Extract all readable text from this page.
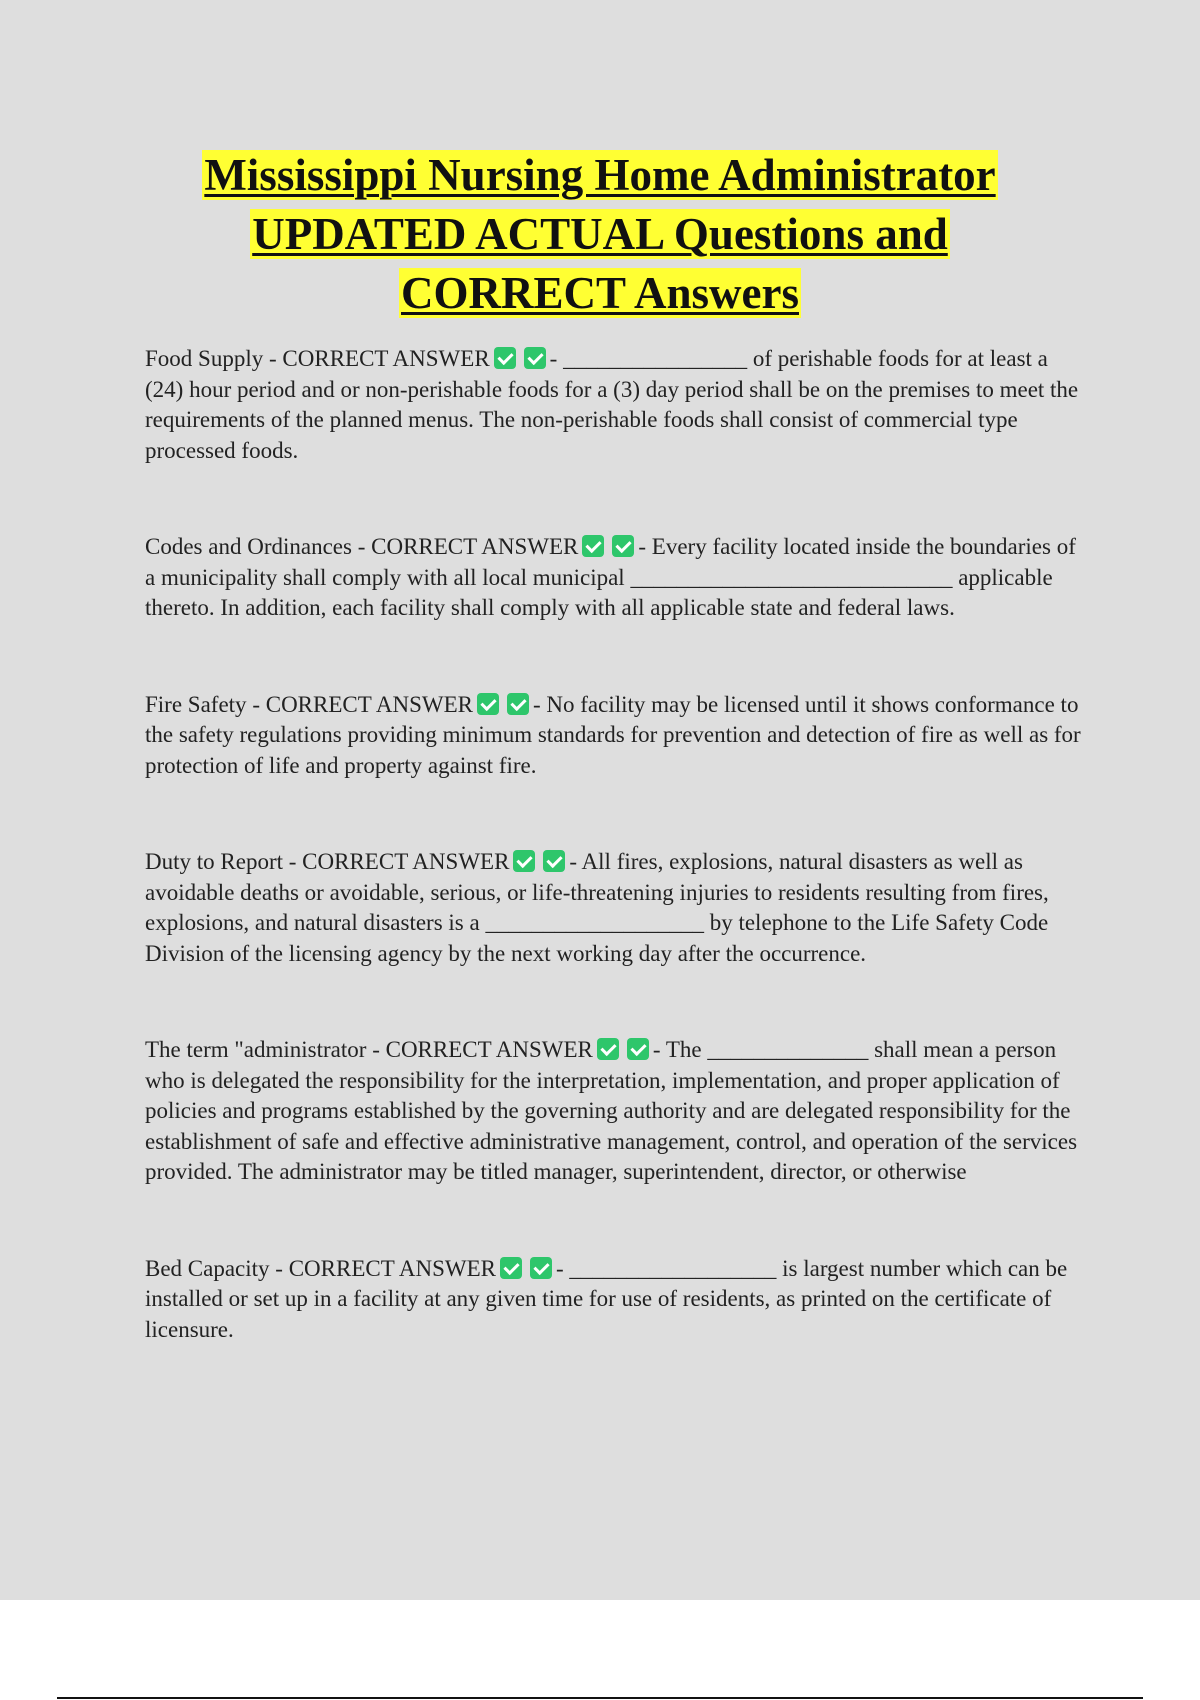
Mississippi Nursing Home Administrator
UPDATED ACTUAL Questions and
CORRECT Answers

Food Supply - CORRECT ANSWER	- ________________ of perishable foods for at least a (24) hour period and or non-perishable foods for a (3) day period shall be on the premises to meet the requirements of the planned menus. The non-perishable foods shall consist of commercial type processed foods.

Codes and Ordinances - CORRECT ANSWER	- Every facility located inside the boundaries of a municipality shall comply with all local municipal ____________________________ applicable thereto. In addition, each facility shall comply with all applicable state and federal laws.

Fire Safety - CORRECT ANSWER	- No facility may be licensed until it shows conformance to the safety regulations providing minimum standards for prevention and detection of fire as well as for protection of life and property against fire.

Duty to Report - CORRECT ANSWER	- All fires, explosions, natural disasters as well as avoidable deaths or avoidable, serious, or life-threatening injuries to residents resulting from fires, explosions, and natural disasters is a ___________________ by telephone to the Life Safety Code Division of the licensing agency by the next working day after the occurrence.

The term "administrator - CORRECT ANSWER	- The ______________ shall mean a person who is delegated the responsibility for the interpretation, implementation, and proper application of policies and programs established by the governing authority and are delegated responsibility for the establishment of safe and effective administrative management, control, and operation of the services provided. The administrator may be titled manager, superintendent, director, or otherwise

Bed Capacity - CORRECT ANSWER	- __________________ is largest number which can be installed or set up in a facility at any given time for use of residents, as printed on the certificate of licensure.
